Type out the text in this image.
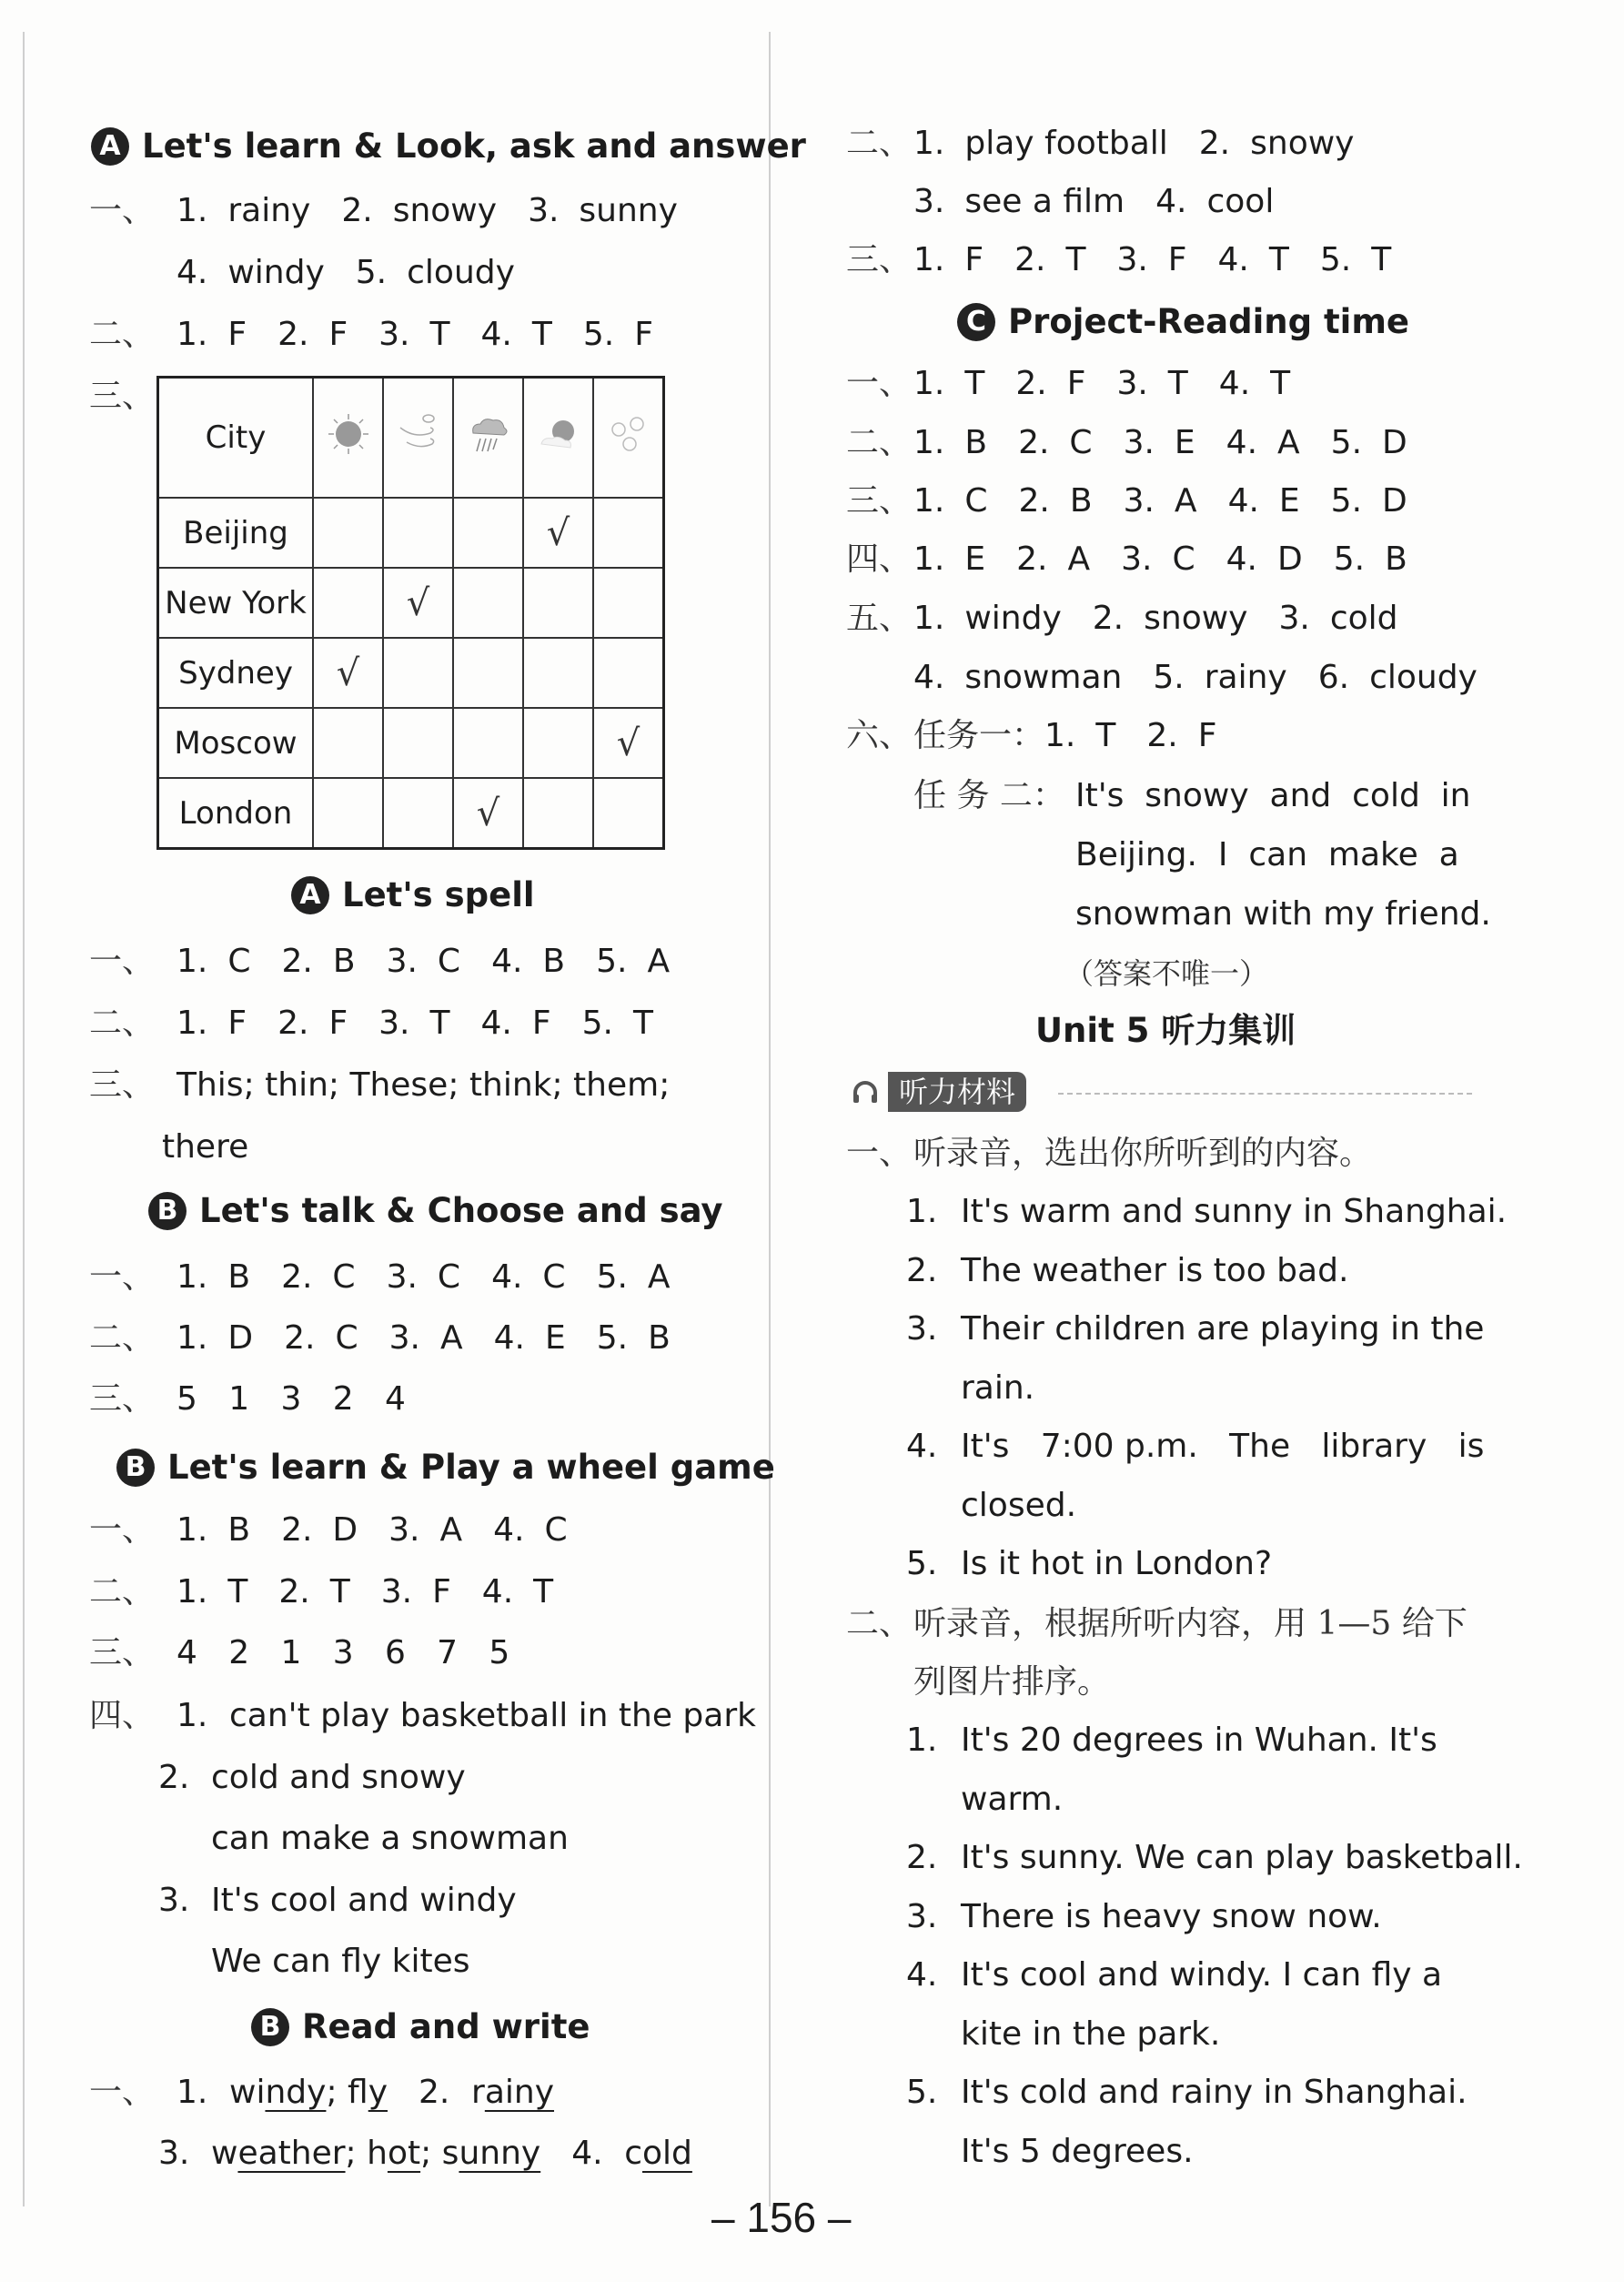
A Let's learn & Look, ask and answer
一、 1. rainy 2. snowy 3. sunny
4. windy 5. cloudy
二、 1. F 2. F 3. T 4. T 5. F
三、
City					
Beijing				√	
New York		√			
Sydney	√				
Moscow					√
London			√		
A Let's spell
一、 1. C 2. B 3. C 4. B 5. A
二、 1. F 2. F 3. T 4. F 5. T
三、 This; thin; These; think; them;
there
B Let's talk & Choose and say
一、 1. B 2. C 3. C 4. C 5. A
二、 1. D 2. C 3. A 4. E 5. B
三、 5   1   3   2   4
B Let's learn & Play a wheel game
一、 1. B 2. D 3. A 4. C
二、 1. T 2. T 3. F 4. T
三、 4   2   1   3   6   7   5
四、 1. can't play basketball in the park
2. cold and snowy
can make a snowman
3. It's cool and windy
We can fly kites
B Read and write
一、 1. windy; fly 2. rainy
3. weather; hot; sunny 4. cold
二、1. play football 2. snowy
3. see a film 4. cool
三、1. F 2. T 3. F 4. T 5. T
C Project-Reading time
一、1. T 2. F 3. T 4. T
二、1. B 2. C 3. E 4. A 5. D
三、1. C 2. B 3. A 4. E 5. D
四、1. E 2. A 3. C 4. D 5. B
五、1. windy 2. snowy 3. cold
4. snowman 5. rainy 6. cloudy
六、任务一：1. T 2. F
任 务 二： It's  snowy  and  cold  in
Beijing.  I  can  make  a
snowman with my friend.
（答案不唯一）
Unit 5 听力集训
听力材料
一、听录音，选出你所听到的内容。
1. It's warm and sunny in Shanghai.
2. The weather is too bad.
3. Their children are playing in the
rain.
4. It's   7:00 p.m.   The   library   is
closed.
5. Is it hot in London?
二、听录音，根据所听内容，用 1—5 给下
列图片排序。
1. It's 20 degrees in Wuhan. It's
warm.
2. It's sunny. We can play basketball.
3. There is heavy snow now.
4. It's cool and windy. I can fly a
kite in the park.
5. It's cold and rainy in Shanghai.
It's 5 degrees.
– 156 –
